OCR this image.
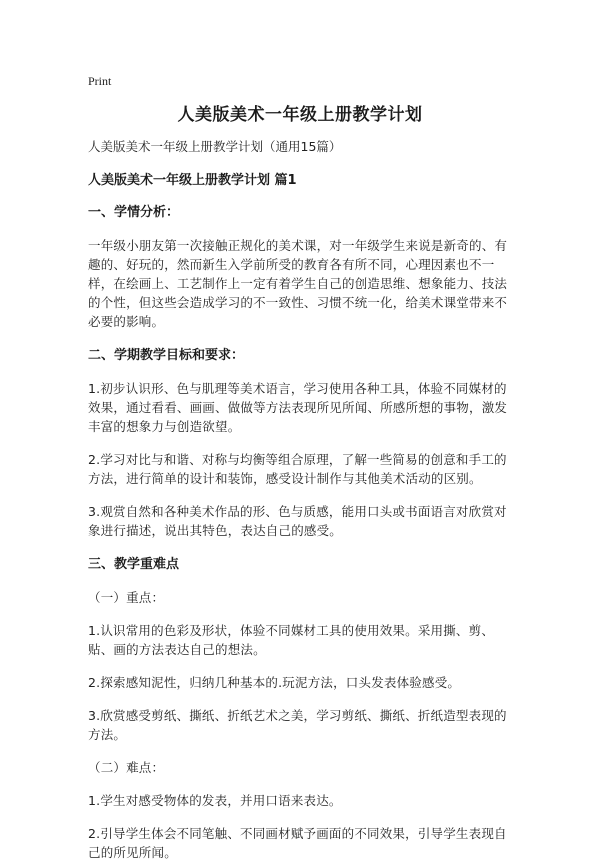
Print
人美版美术一年级上册教学计划

人美版美术一年级上册教学计划（通用15篇）

人美版美术一年级上册教学计划 篇1

一、学情分析：

一年级小朋友第一次接触正规化的美术课，对一年级学生来说是新奇的、有趣的、好玩的，然而新生入学前所受的教育各有所不同，心理因素也不一样，在绘画上、工艺制作上一定有着学生自己的创造思维、想象能力、技法的个性，但这些会造成学习的不一致性、习惯不统一化，给美术课堂带来不必要的影响。

二、学期教学目标和要求：

1.初步认识形、色与肌理等美术语言，学习使用各种工具，体验不同媒材的效果，通过看看、画画、做做等方法表现所见所闻、所感所想的事物，激发丰富的想象力与创造欲望。

2.学习对比与和谐、对称与均衡等组合原理，了解一些简易的创意和手工的方法，进行简单的设计和装饰，感受设计制作与其他美术活动的区别。

3.观赏自然和各种美术作品的形、色与质感，能用口头或书面语言对欣赏对象进行描述，说出其特色，表达自己的感受。

三、教学重难点

（一）重点：

1.认识常用的色彩及形状，体验不同媒材工具的使用效果。采用撕、剪、贴、画的方法表达自己的想法。

2.探索感知泥性，归纳几种基本的.玩泥方法，口头发表体验感受。

3.欣赏感受剪纸、撕纸、折纸艺术之美，学习剪纸、撕纸、折纸造型表现的方法。

（二）难点：

1.学生对感受物体的发表，并用口语来表达。

2.引导学生体会不同笔触、不同画材赋予画面的不同效果，引导学生表现自己的所见所闻。
